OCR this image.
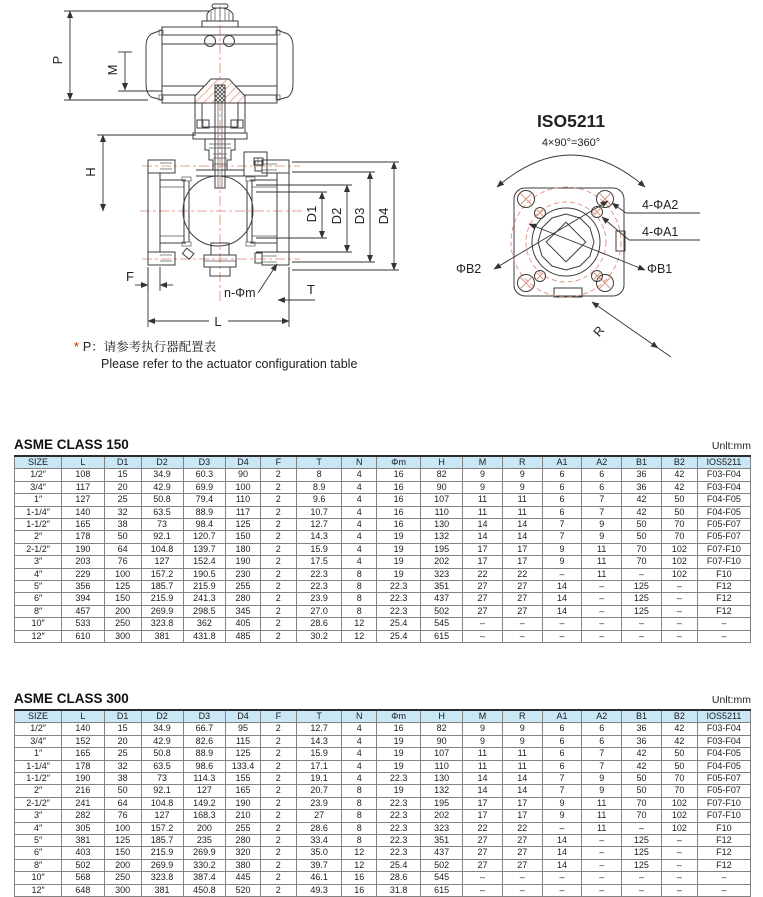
P
M
H
D1 D2 D3 D4
F
T
n-Φm
L
ISO5211
4×90°=360°
ΦB2	ΦB1
4-ΦA2
4-ΦA1
R
* P：请参考执行器配置表
Please refer to the actuator configuration table
ASME CLASS 150	Unlt:mm
SIZE	L	D1	D2	D3	D4	F	T	N	Φm	H	M	R	A1	A2	B1	B2	IOS5211
1/2″	108	15	34.9	60.3	90	2	8	4	16	82	9	9	6	6	36	42	F03-F04
3/4″	117	20	42.9	69.9	100	2	8.9	4	16	90	9	9	6	6	36	42	F03-F04
1″	127	25	50.8	79.4	110	2	9.6	4	16	107	11	11	6	7	42	50	F04-F05
1-1/4″	140	32	63.5	88.9	117	2	10.7	4	16	110	11	11	6	7	42	50	F04-F05
1-1/2″	165	38	73	98.4	125	2	12.7	4	16	130	14	14	7	9	50	70	F05-F07
2″	178	50	92.1	120.7	150	2	14.3	4	19	132	14	14	7	9	50	70	F05-F07
2-1/2″	190	64	104.8	139.7	180	2	15.9	4	19	195	17	17	9	11	70	102	F07-F10
3″	203	76	127	152.4	190	2	17.5	4	19	202	17	17	9	11	70	102	F07-F10
4″	229	100	157.2	190.5	230	2	22.3	8	19	323	22	22	–	11	–	102	F10
5″	356	125	185.7	215.9	255	2	22.3	8	22.3	351	27	27	14	–	125	–	F12
6″	394	150	215.9	241.3	280	2	23.9	8	22.3	437	27	27	14	–	125	–	F12
8″	457	200	269.9	298.5	345	2	27.0	8	22.3	502	27	27	14	–	125	–	F12
10″	533	250	323.8	362	405	2	28.6	12	25.4	545	–	–	–	–	–	–	–
12″	610	300	381	431.8	485	2	30.2	12	25.4	615	–	–	–	–	–	–	–
ASME CLASS 300	Unlt:mm
SIZE	L	D1	D2	D3	D4	F	T	N	Φm	H	M	R	A1	A2	B1	B2	IOS5211
1/2″	140	15	34.9	66.7	95	2	12.7	4	16	82	9	9	6	6	36	42	F03-F04
3/4″	152	20	42.9	82.6	115	2	14.3	4	19	90	9	9	6	6	36	42	F03-F04
1″	165	25	50.8	88.9	125	2	15.9	4	19	107	11	11	6	7	42	50	F04-F05
1-1/4″	178	32	63.5	98.6	133.4	2	17.1	4	19	110	11	11	6	7	42	50	F04-F05
1-1/2″	190	38	73	114.3	155	2	19.1	4	22.3	130	14	14	7	9	50	70	F05-F07
2″	216	50	92.1	127	165	2	20.7	8	19	132	14	14	7	9	50	70	F05-F07
2-1/2″	241	64	104.8	149.2	190	2	23.9	8	22.3	195	17	17	9	11	70	102	F07-F10
3″	282	76	127	168.3	210	2	27	8	22.3	202	17	17	9	11	70	102	F07-F10
4″	305	100	157.2	200	255	2	28.6	8	22.3	323	22	22	–	11	–	102	F10
5″	381	125	185.7	235	280	2	33.4	8	22.3	351	27	27	14	–	125	–	F12
6″	403	150	215.9	269.9	320	2	35.0	12	22.3	437	27	27	14	–	125	–	F12
8″	502	200	269.9	330.2	380	2	39.7	12	25.4	502	27	27	14	–	125	–	F12
10″	568	250	323.8	387.4	445	2	46.1	16	28.6	545	–	–	–	–	–	–	–
12″	648	300	381	450.8	520	2	49.3	16	31.8	615	–	–	–	–	–	–	–
